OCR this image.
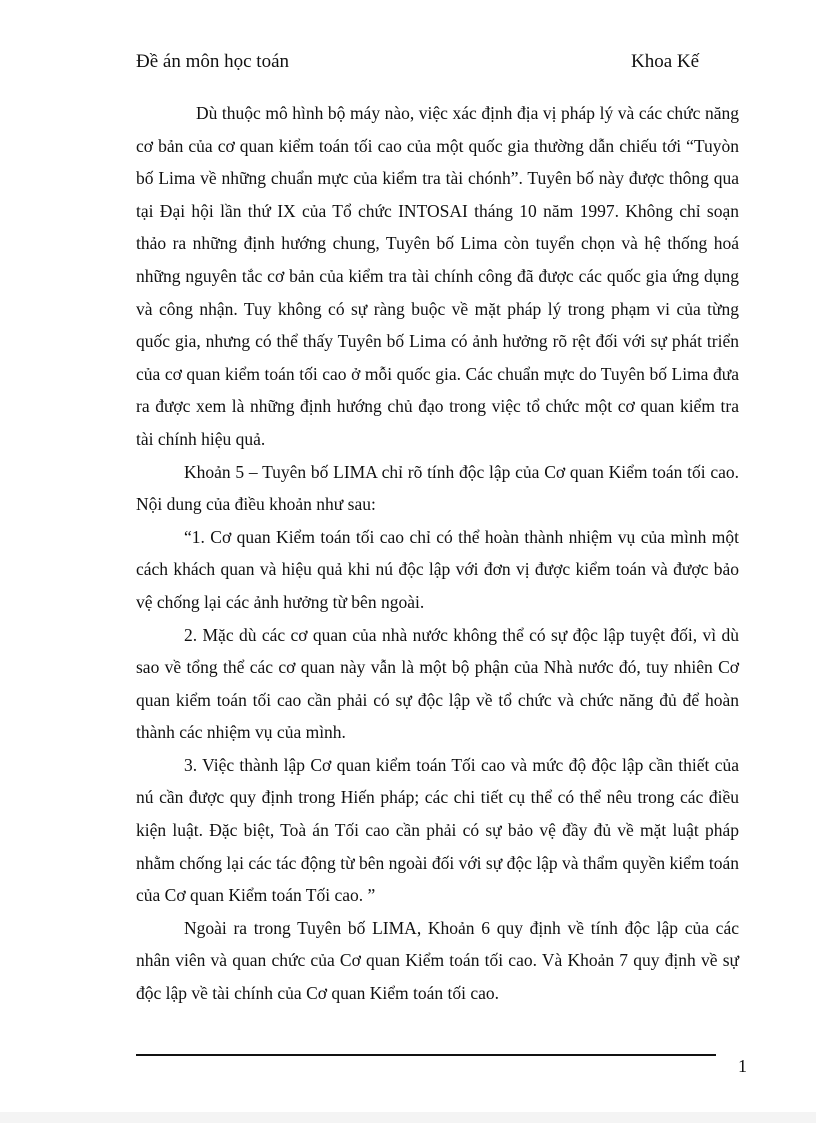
Đề án môn học toán	Khoa Kế

Dù thuộc mô hình bộ máy nào, việc xác định địa vị pháp lý và các chức năng cơ bản của cơ quan kiểm toán tối cao của một quốc gia thường dẫn chiếu tới “Tuyòn bố Lima về những chuẩn mực của kiểm tra tài chónh”. Tuyên bố này được thông qua tại Đại hội lần thứ IX của Tổ chức INTOSAI tháng 10 năm 1997. Không chỉ soạn thảo ra những định hướng chung, Tuyên bố Lima còn tuyển chọn và hệ thống hoá những nguyên tắc cơ bản của kiểm tra tài chính công đã được các quốc gia ứng dụng và công nhận. Tuy không có sự ràng buộc về mặt pháp lý trong phạm vi của từng quốc gia, nhưng có thể thấy Tuyên bố Lima có ảnh hưởng rõ rệt đối với sự phát triển của cơ quan kiểm toán tối cao ở mỗi quốc gia. Các chuẩn mực do Tuyên bố Lima đưa ra được xem là những định hướng chủ đạo trong việc tổ chức một cơ quan kiểm tra tài chính hiệu quả.

Khoản 5 – Tuyên bố LIMA chỉ rõ tính độc lập của Cơ quan Kiểm toán tối cao. Nội dung của điều khoản như sau:

“1. Cơ quan Kiểm toán tối cao chỉ có thể hoàn thành nhiệm vụ của mình một cách khách quan và hiệu quả khi nú độc lập với đơn vị được kiểm toán và được bảo vệ chống lại các ảnh hưởng từ bên ngoài.

2. Mặc dù các cơ quan của nhà nước không thể có sự độc lập tuyệt đối, vì dù sao về tổng thể các cơ quan này vẫn là một bộ phận của Nhà nước đó, tuy nhiên Cơ quan kiểm toán tối cao cần phải có sự độc lập về tổ chức và chức năng đủ để hoàn thành các nhiệm vụ của mình.

3. Việc thành lập Cơ quan kiểm toán Tối cao và mức độ độc lập cần thiết của nú cần được quy định trong Hiến pháp; các chi tiết cụ thể có thể nêu trong các điều kiện luật. Đặc biệt, Toà án Tối cao cần phải có sự bảo vệ đầy đủ về mặt luật pháp nhằm chống lại các tác động từ bên ngoài đối với sự độc lập và thẩm quyền kiểm toán của Cơ quan Kiểm toán Tối cao. ”

Ngoài ra trong Tuyên bố LIMA, Khoản 6 quy định về tính độc lập của các nhân viên và quan chức của Cơ quan Kiểm toán tối cao. Và Khoản 7 quy định về sự độc lập về tài chính của Cơ quan Kiểm toán tối cao.

1
